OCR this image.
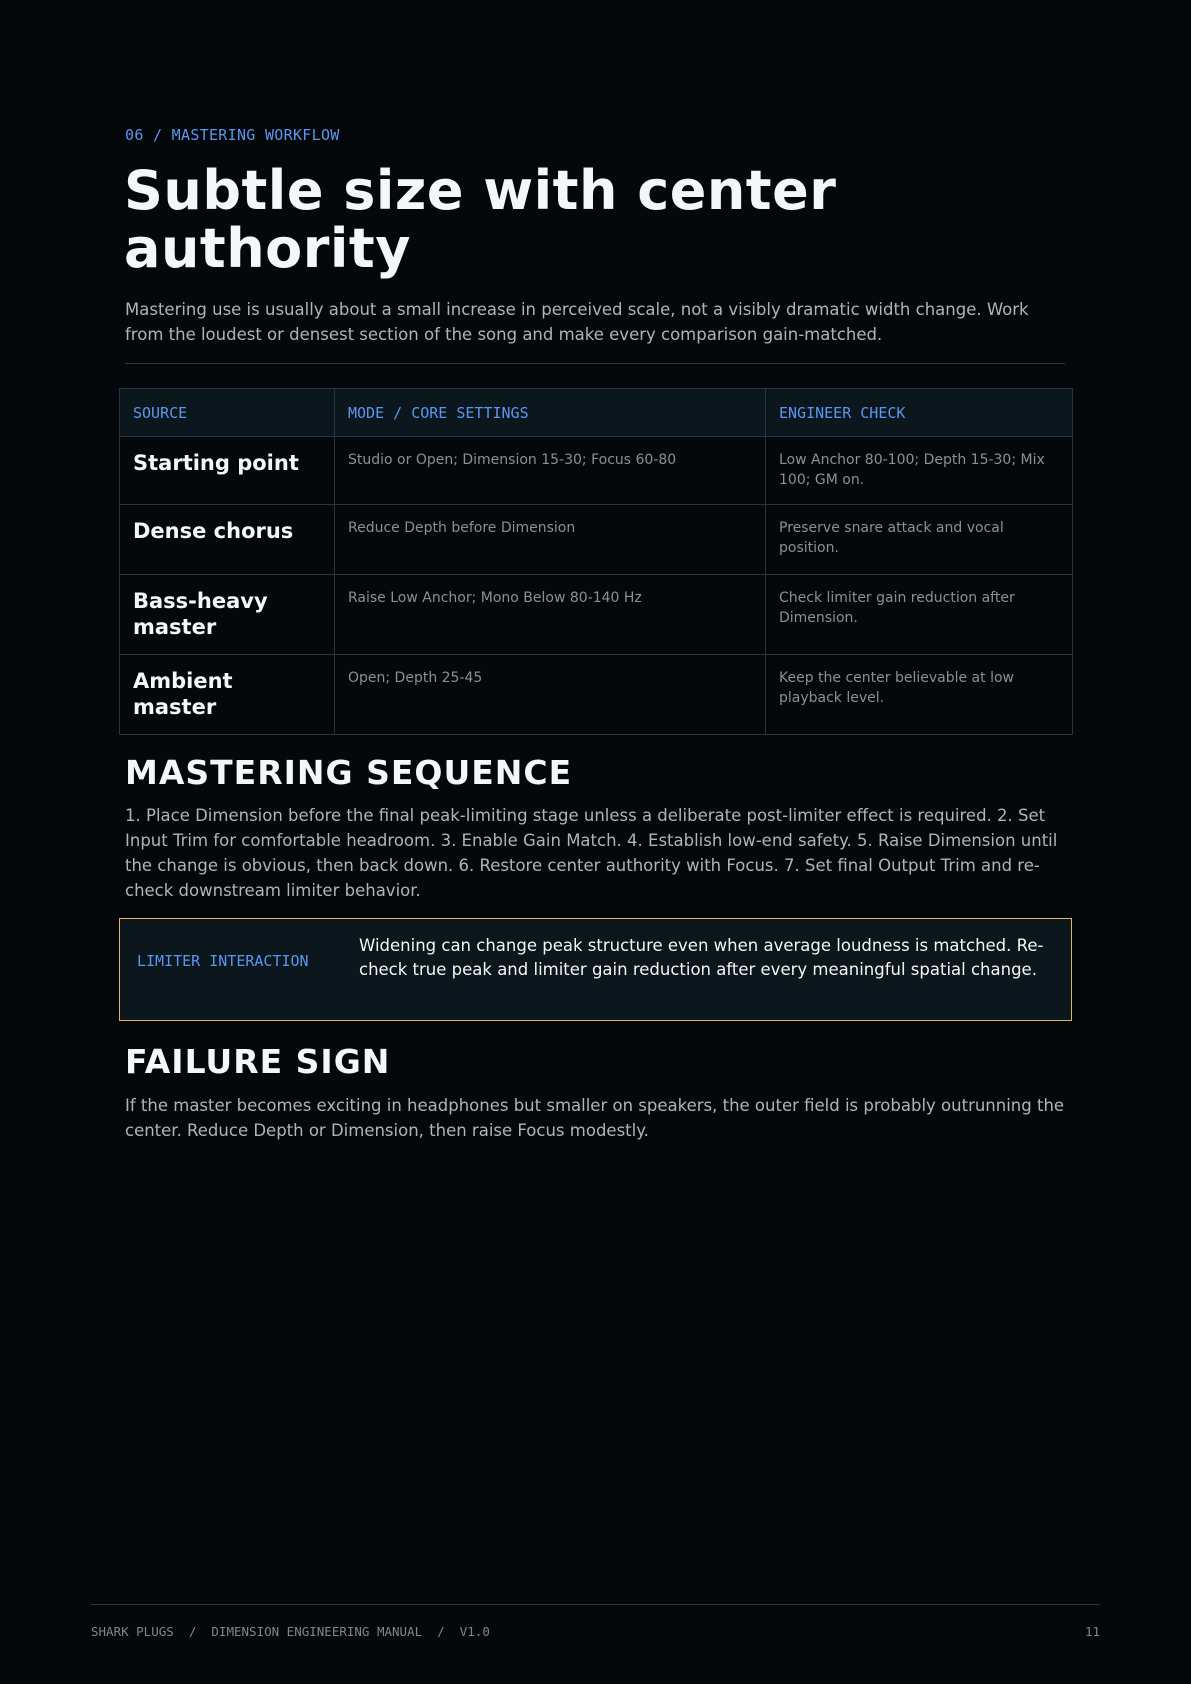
06 / MASTERING WORKFLOW
Subtle size with center authority

Mastering use is usually about a small increase in perceived scale, not a visibly dramatic width change. Work from the loudest or densest section of the song and make every comparison gain-matched.

SOURCE	MODE / CORE SETTINGS	ENGINEER CHECK
Starting point	Studio or Open; Dimension 15-30; Focus 60-80	Low Anchor 80-100; Depth 15-30; Mix 100; GM on.
Dense chorus	Reduce Depth before Dimension	Preserve snare attack and vocal position.
Bass-heavy master	Raise Low Anchor; Mono Below 80-140 Hz	Check limiter gain reduction after Dimension.
Ambient master	Open; Depth 25-45	Keep the center believable at low playback level.
MASTERING SEQUENCE

1. Place Dimension before the final peak-limiting stage unless a deliberate post-limiter effect is required. 2. Set Input Trim for comfortable headroom. 3. Enable Gain Match. 4. Establish low-end safety. 5. Raise Dimension until the change is obvious, then back down. 6. Restore center authority with Focus. 7. Set final Output Trim and re-check downstream limiter behavior.

LIMITER INTERACTION

Widening can change peak structure even when average loudness is matched. Re-check true peak and limiter gain reduction after every meaningful spatial change.

FAILURE SIGN

If the master becomes exciting in headphones but smaller on speakers, the outer field is probably outrunning the center. Reduce Depth or Dimension, then raise Focus modestly.

SHARK PLUGS  /  DIMENSION ENGINEERING MANUAL  /  V1.0	11
